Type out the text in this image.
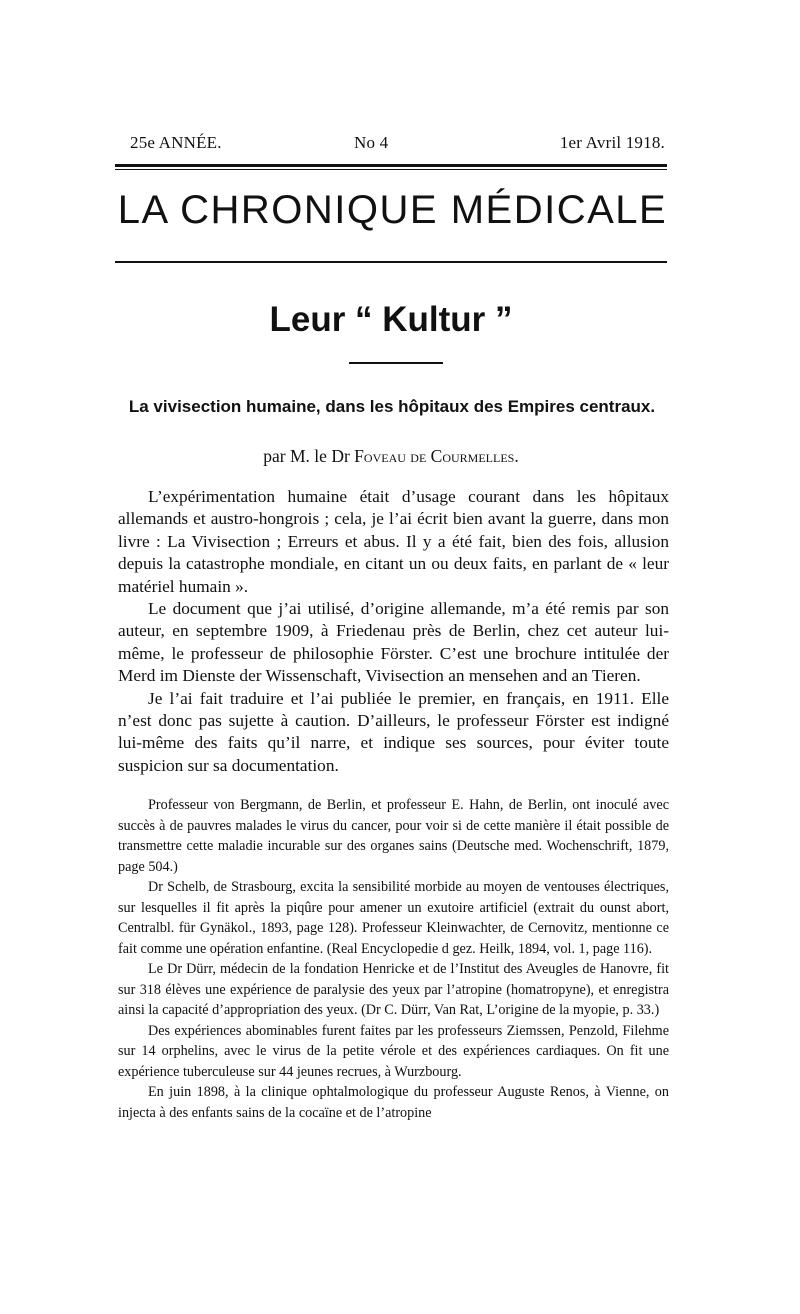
25e ANNÉE.	No 4	1er Avril 1918.
LA CHRONIQUE MÉDICALE
Leur “ Kultur ”
La vivisection humaine, dans les hôpitaux des Empires centraux.
par M. le Dr Foveau de Courmelles.

L’expérimentation humaine était d’usage courant dans les hôpitaux allemands et austro-hongrois ; cela, je l’ai écrit bien avant la guerre, dans mon livre : La Vivisection ; Erreurs et abus. Il y a été fait, bien des fois, allusion depuis la catastrophe mondiale, en citant un ou deux faits, en parlant de « leur matériel humain ».

Le document que j’ai utilisé, d’origine allemande, m’a été remis par son auteur, en septembre 1909, à Friedenau près de Berlin, chez cet auteur lui-même, le professeur de philosophie Förster. C’est une brochure intitulée der Merd im Dienste der Wissenschaft, Vivisection an mensehen and an Tieren.

Je l’ai fait traduire et l’ai publiée le premier, en français, en 1911. Elle n’est donc pas sujette à caution. D’ailleurs, le professeur Förster est indigné lui-même des faits qu’il narre, et indique ses sources, pour éviter toute suspicion sur sa documentation.

Professeur von Bergmann, de Berlin, et professeur E. Hahn, de Berlin, ont inoculé avec succès à de pauvres malades le virus du cancer, pour voir si de cette manière il était possible de transmettre cette maladie incurable sur des organes sains (Deutsche med. Wochenschrift, 1879, page 504.)

Dr Schelb, de Strasbourg, excita la sensibilité morbide au moyen de ventouses électriques, sur lesquelles il fit après la piqûre pour amener un exutoire artificiel (extrait du ounst abort, Centralbl. für Gynäkol., 1893, page 128). Professeur Kleinwachter, de Cernovitz, mentionne ce fait comme une opération enfantine. (Real Encyclopedie d gez. Heilk, 1894, vol. 1, page 116).

Le Dr Dürr, médecin de la fondation Henricke et de l’Institut des Aveugles de Hanovre, fit sur 318 élèves une expérience de paralysie des yeux par l’atropine (homatropyne), et enregistra ainsi la capacité d’appropriation des yeux. (Dr C. Dürr, Van Rat, L’origine de la myopie, p. 33.)

Des expériences abominables furent faites par les professeurs Ziemssen, Penzold, Filehme sur 14 orphelins, avec le virus de la petite vérole et des expériences cardiaques. On fit une expérience tuberculeuse sur 44 jeunes recrues, à Wurzbourg.

En juin 1898, à la clinique ophtalmologique du professeur Auguste Renos, à Vienne, on injecta à des enfants sains de la cocaïne et de l’atropine
